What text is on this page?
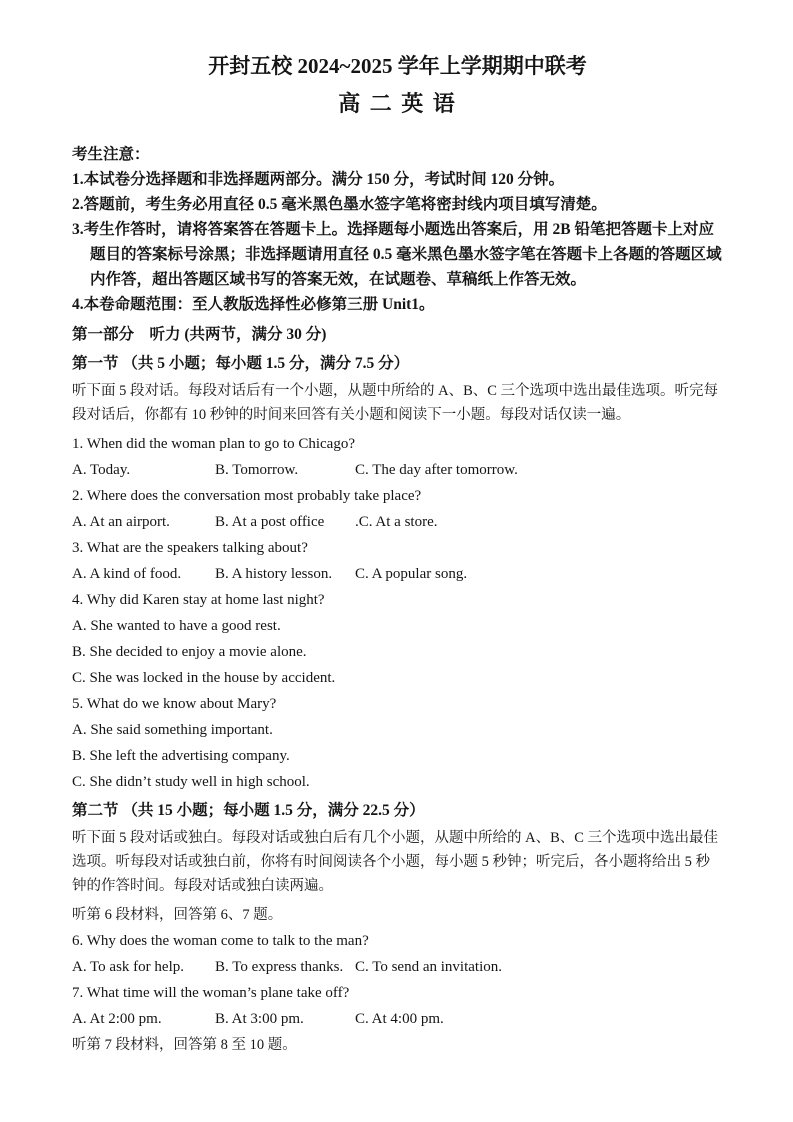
开封五校 2024~2025 学年上学期期中联考
高 二 英 语
考生注意：
1.本试卷分选择题和非选择题两部分。满分 150 分，考试时间 120 分钟。
2.答题前，考生务必用直径 0.5 毫米黑色墨水签字笔将密封线内项目填写清楚。
3.考生作答时，请将答案答在答题卡上。选择题每小题选出答案后，用 2B 铅笔把答题卡上对应题目的答案标号涂黑；非选择题请用直径 0.5 毫米黑色墨水签字笔在答题卡上各题的答题区域内作答，超出答题区域书写的答案无效，在试题卷、草稿纸上作答无效。
4.本卷命题范围：至人教版选择性必修第三册 Unit1。
第一部分　听力 (共两节，满分 30 分)
第一节 （共 5 小题；每小题 1.5 分，满分 7.5 分）
听下面 5 段对话。每段对话后有一个小题，从题中所给的 A、B、C 三个选项中选出最佳选项。听完每段对话后，你都有 10 秒钟的时间来回答有关小题和阅读下一小题。每段对话仅读一遍。
1. When did the woman plan to go to Chicago?
A. Today.	B. Tomorrow.	C. The day after tomorrow.
2. Where does the conversation most probably take place?
A. At an airport.	B. At a post office	.C. At a store.
3. What are the speakers talking about?
A. A kind of food.	B. A history lesson.	C. A popular song.
4. Why did Karen stay at home last night?
A. She wanted to have a good rest.
B. She decided to enjoy a movie alone.
C. She was locked in the house by accident.
5. What do we know about Mary?
A. She said something important.
B. She left the advertising company.
C. She didn’t study well in high school.
第二节 （共 15 小题；每小题 1.5 分，满分 22.5 分）
听下面 5 段对话或独白。每段对话或独白后有几个小题，从题中所给的 A、B、C 三个选项中选出最佳选项。听每段对话或独白前，你将有时间阅读各个小题，每小题 5 秒钟；听完后，各小题将给出 5 秒钟的作答时间。每段对话或独白读两遍。
听第 6 段材料，回答第 6、7 题。
6. Why does the woman come to talk to the man?
A. To ask for help.	B. To express thanks. C. To send an invitation.
7. What time will the woman’s plane take off?
A. At 2:00 pm.	B. At 3:00 pm.	C. At 4:00 pm.
听第 7 段材料，回答第 8 至 10 题。
